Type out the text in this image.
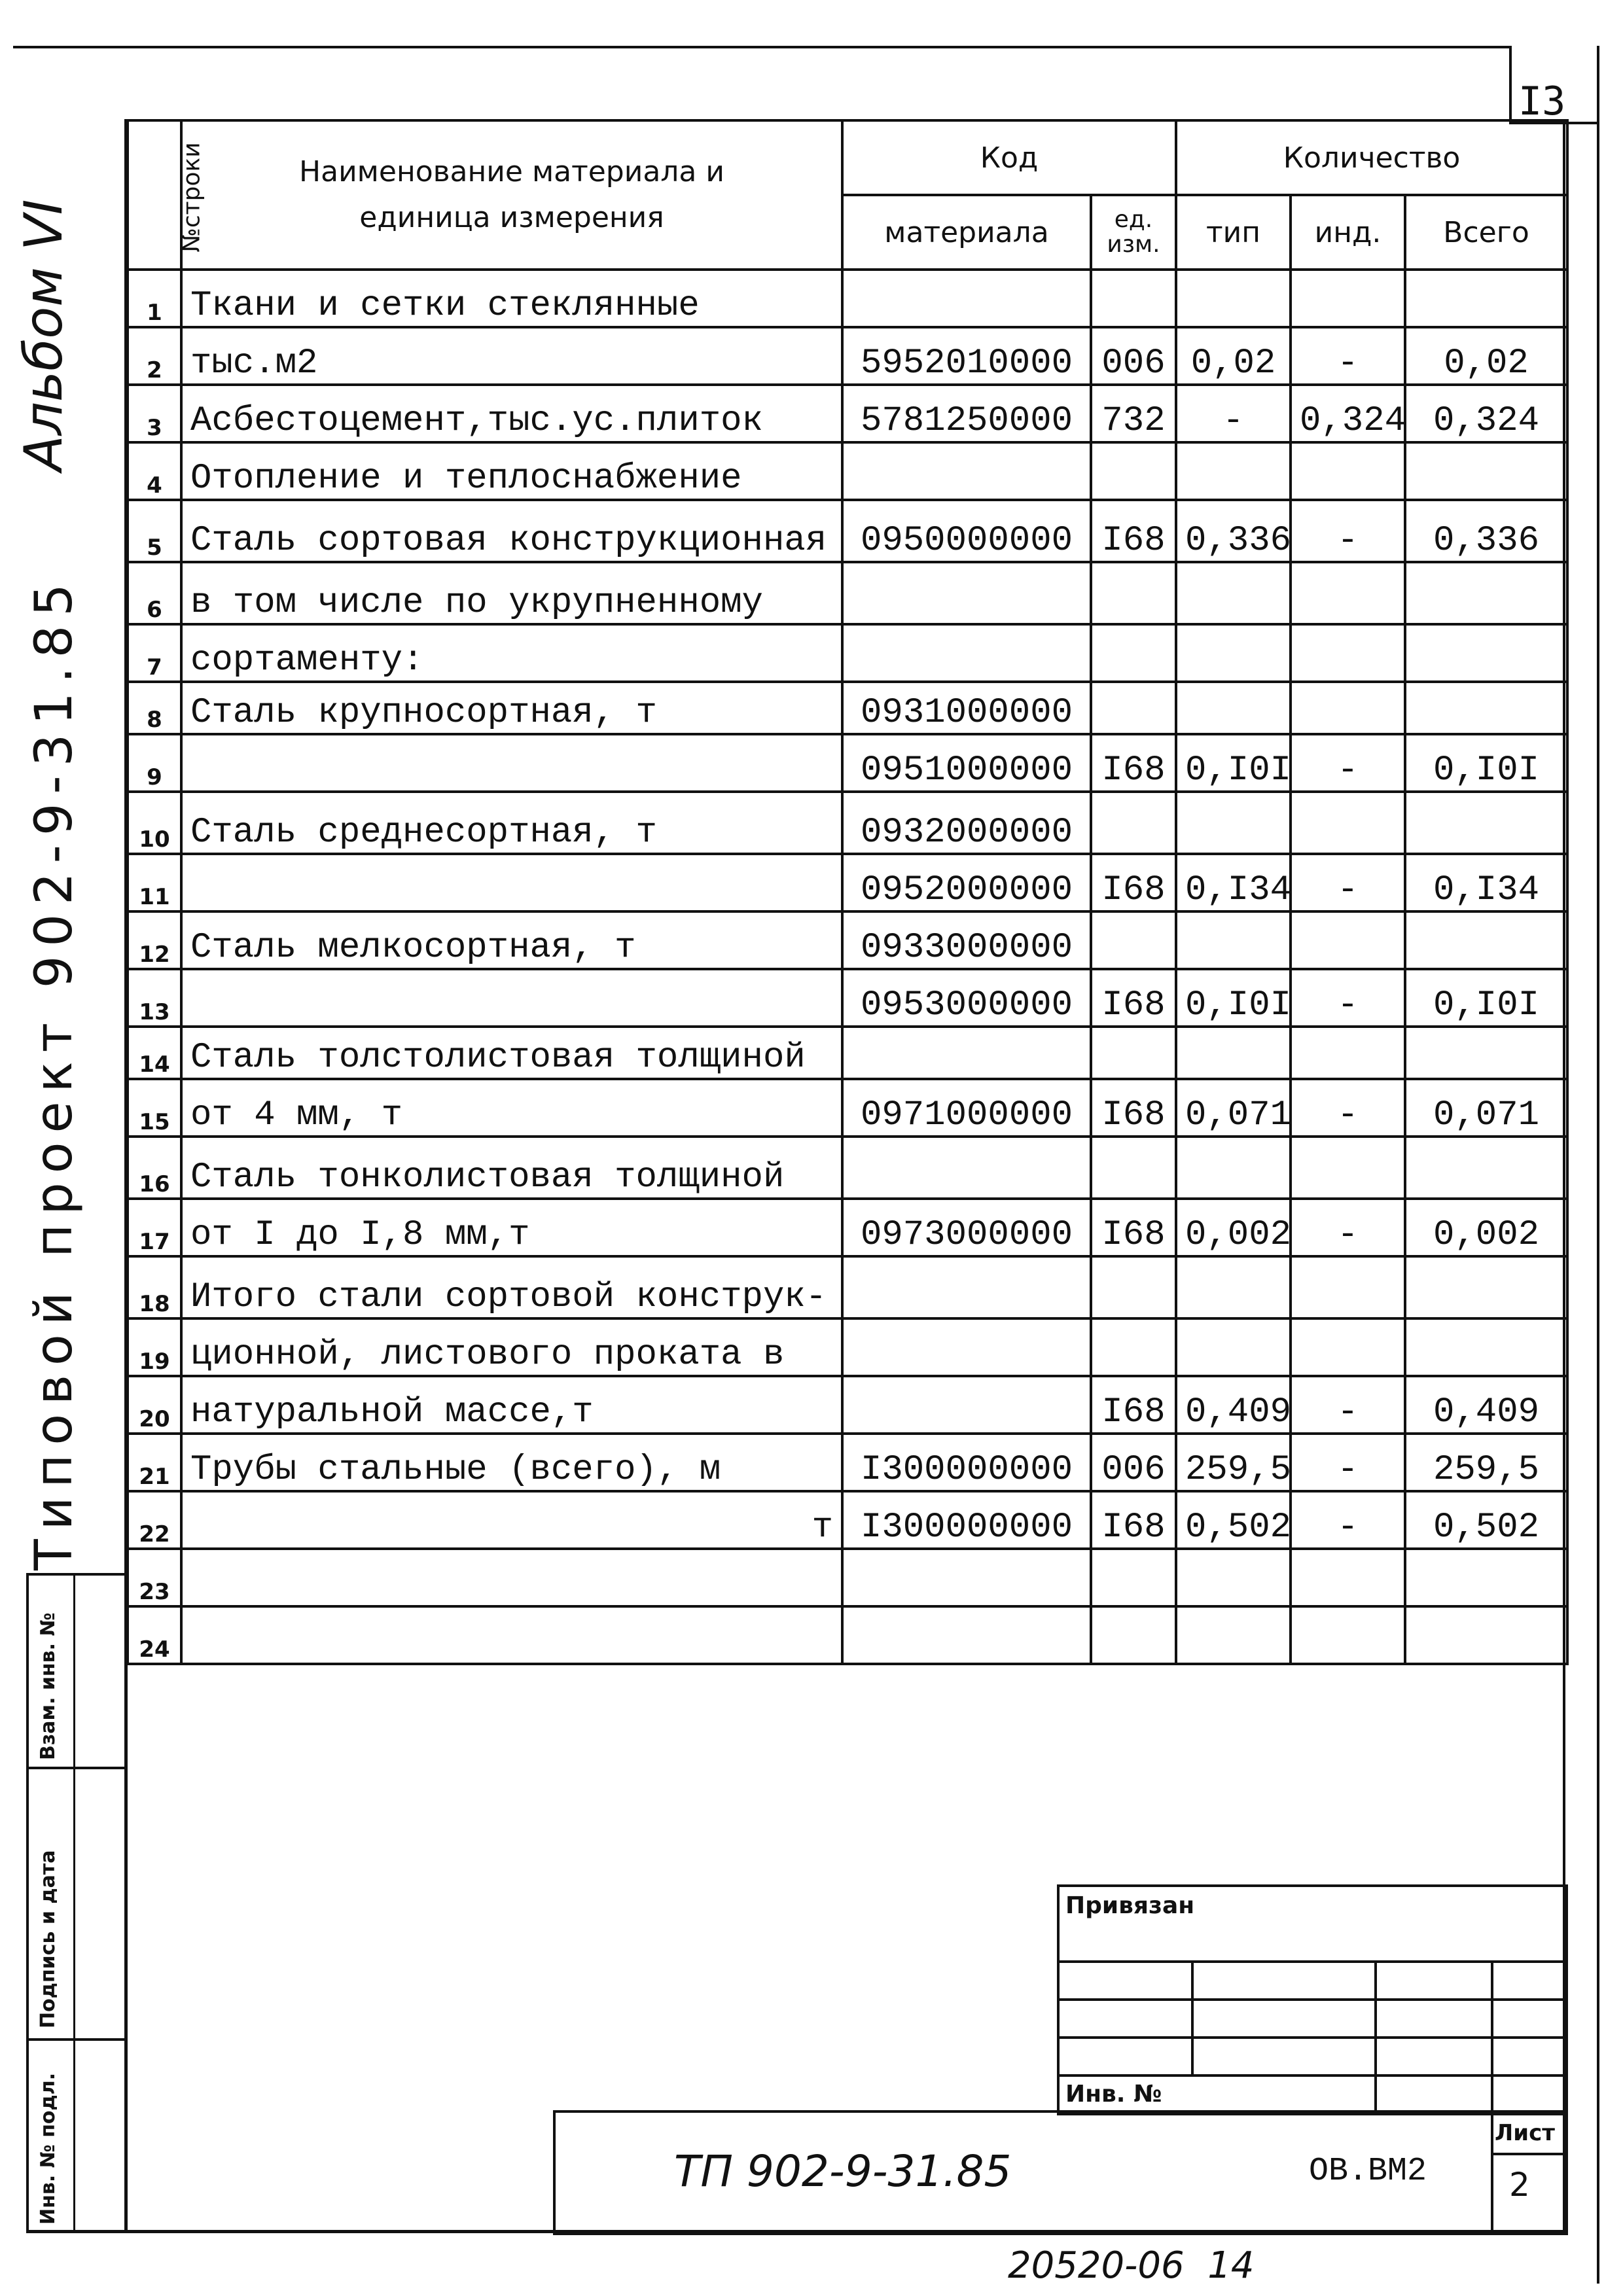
I3
Альбом VI
Типовой проект 902-9-31.85
Взам. инв. №
Подпись и дата
Инв. № подл.
№строки	Наименование материала и единица измерения	Код		Количество		
		материала	ед. изм.	тип	инд.	Всего
1	Ткани и сетки стеклянные					
2	тыс.м2	5952010000	006	0,02	-	0,02
3	Асбестоцемент,тыс.ус.плиток	5781250000	732	-	0,324	0,324
4	Отопление и теплоснабжение					
5	Сталь сортовая конструкционная	0950000000	I68	0,336	-	0,336
6	в том числе по укрупненному					
7	сортаменту:					
8	Сталь крупносортная, т	0931000000				
9		0951000000	I68	0,I0I	-	0,I0I
10	Сталь среднесортная, т	0932000000				
11		0952000000	I68	0,I34	-	0,I34
12	Сталь мелкосортная, т	0933000000				
13		0953000000	I68	0,I0I	-	0,I0I
14	Сталь толстолистовая толщиной					
15	от 4 мм, т	0971000000	I68	0,071	-	0,071
16	Сталь тонколистовая толщиной					
17	от I до I,8 мм,т	0973000000	I68	0,002	-	0,002
18	Итого стали сортовой конструк-					
19	ционной, листового проката в					
20	натуральной массе,т		I68	0,409	-	0,409
21	Трубы стальные (всего), м	I300000000	006	259,5	-	259,5
22	т	I300000000	I68	0,502	-	0,502
23						
24						
Привязан
Инв. №
ТП 902-9-31.85	ОВ.ВМ2
Лист
2
20520-06  14
